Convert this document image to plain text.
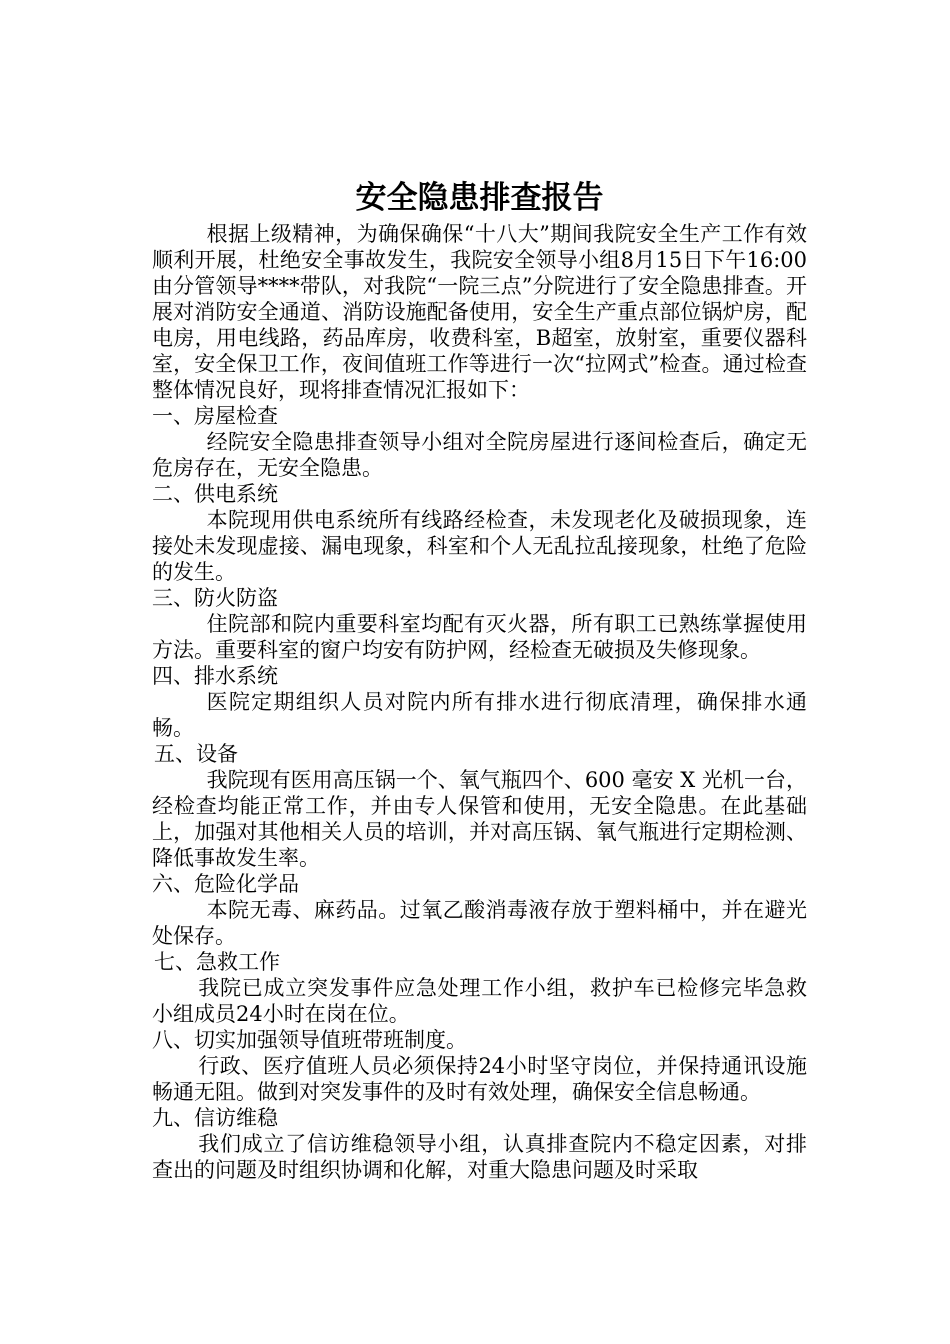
安全隐患排查报告

根据上级精神，为确保确保“十八大”期间我院安全生产工作有效顺利开展，杜绝安全事故发生，我院安全领导小组8月15日下午16:00由分管领导****带队，对我院“一院三点”分院进行了安全隐患排查。开展对消防安全通道、消防设施配备使用，安全生产重点部位锅炉房，配电房，用电线路，药品库房，收费科室，B超室，放射室，重要仪器科室，安全保卫工作，夜间值班工作等进行一次“拉网式”检查。通过检查整体情况良好，现将排查情况汇报如下：

一、房屋检查

经院安全隐患排查领导小组对全院房屋进行逐间检查后，确定无危房存在，无安全隐患。

二、供电系统

本院现用供电系统所有线路经检查，未发现老化及破损现象，连接处未发现虚接、漏电现象，科室和个人无乱拉乱接现象，杜绝了危险的发生。

三、防火防盗

住院部和院内重要科室均配有灭火器，所有职工已熟练掌握使用方法。重要科室的窗户均安有防护网，经检查无破损及失修现象。

四、排水系统

医院定期组织人员对院内所有排水进行彻底清理，确保排水通畅。

五、设备

我院现有医用高压锅一个、氧气瓶四个、600 毫安 X 光机一台，经检查均能正常工作，并由专人保管和使用，无安全隐患。在此基础上，加强对其他相关人员的培训，并对高压锅、氧气瓶进行定期检测、降低事故发生率。

六、危险化学品

本院无毒、麻药品。过氧乙酸消毒液存放于塑料桶中，并在避光处保存。

七、急救工作

我院已成立突发事件应急处理工作小组，救护车已检修完毕急救小组成员24小时在岗在位。

八、切实加强领导值班带班制度。

行政、医疗值班人员必须保持24小时坚守岗位，并保持通讯设施畅通无阻。做到对突发事件的及时有效处理，确保安全信息畅通。

九、信访维稳

我们成立了信访维稳领导小组，认真排查院内不稳定因素，对排查出的问题及时组织协调和化解，对重大隐患问题及时采取
